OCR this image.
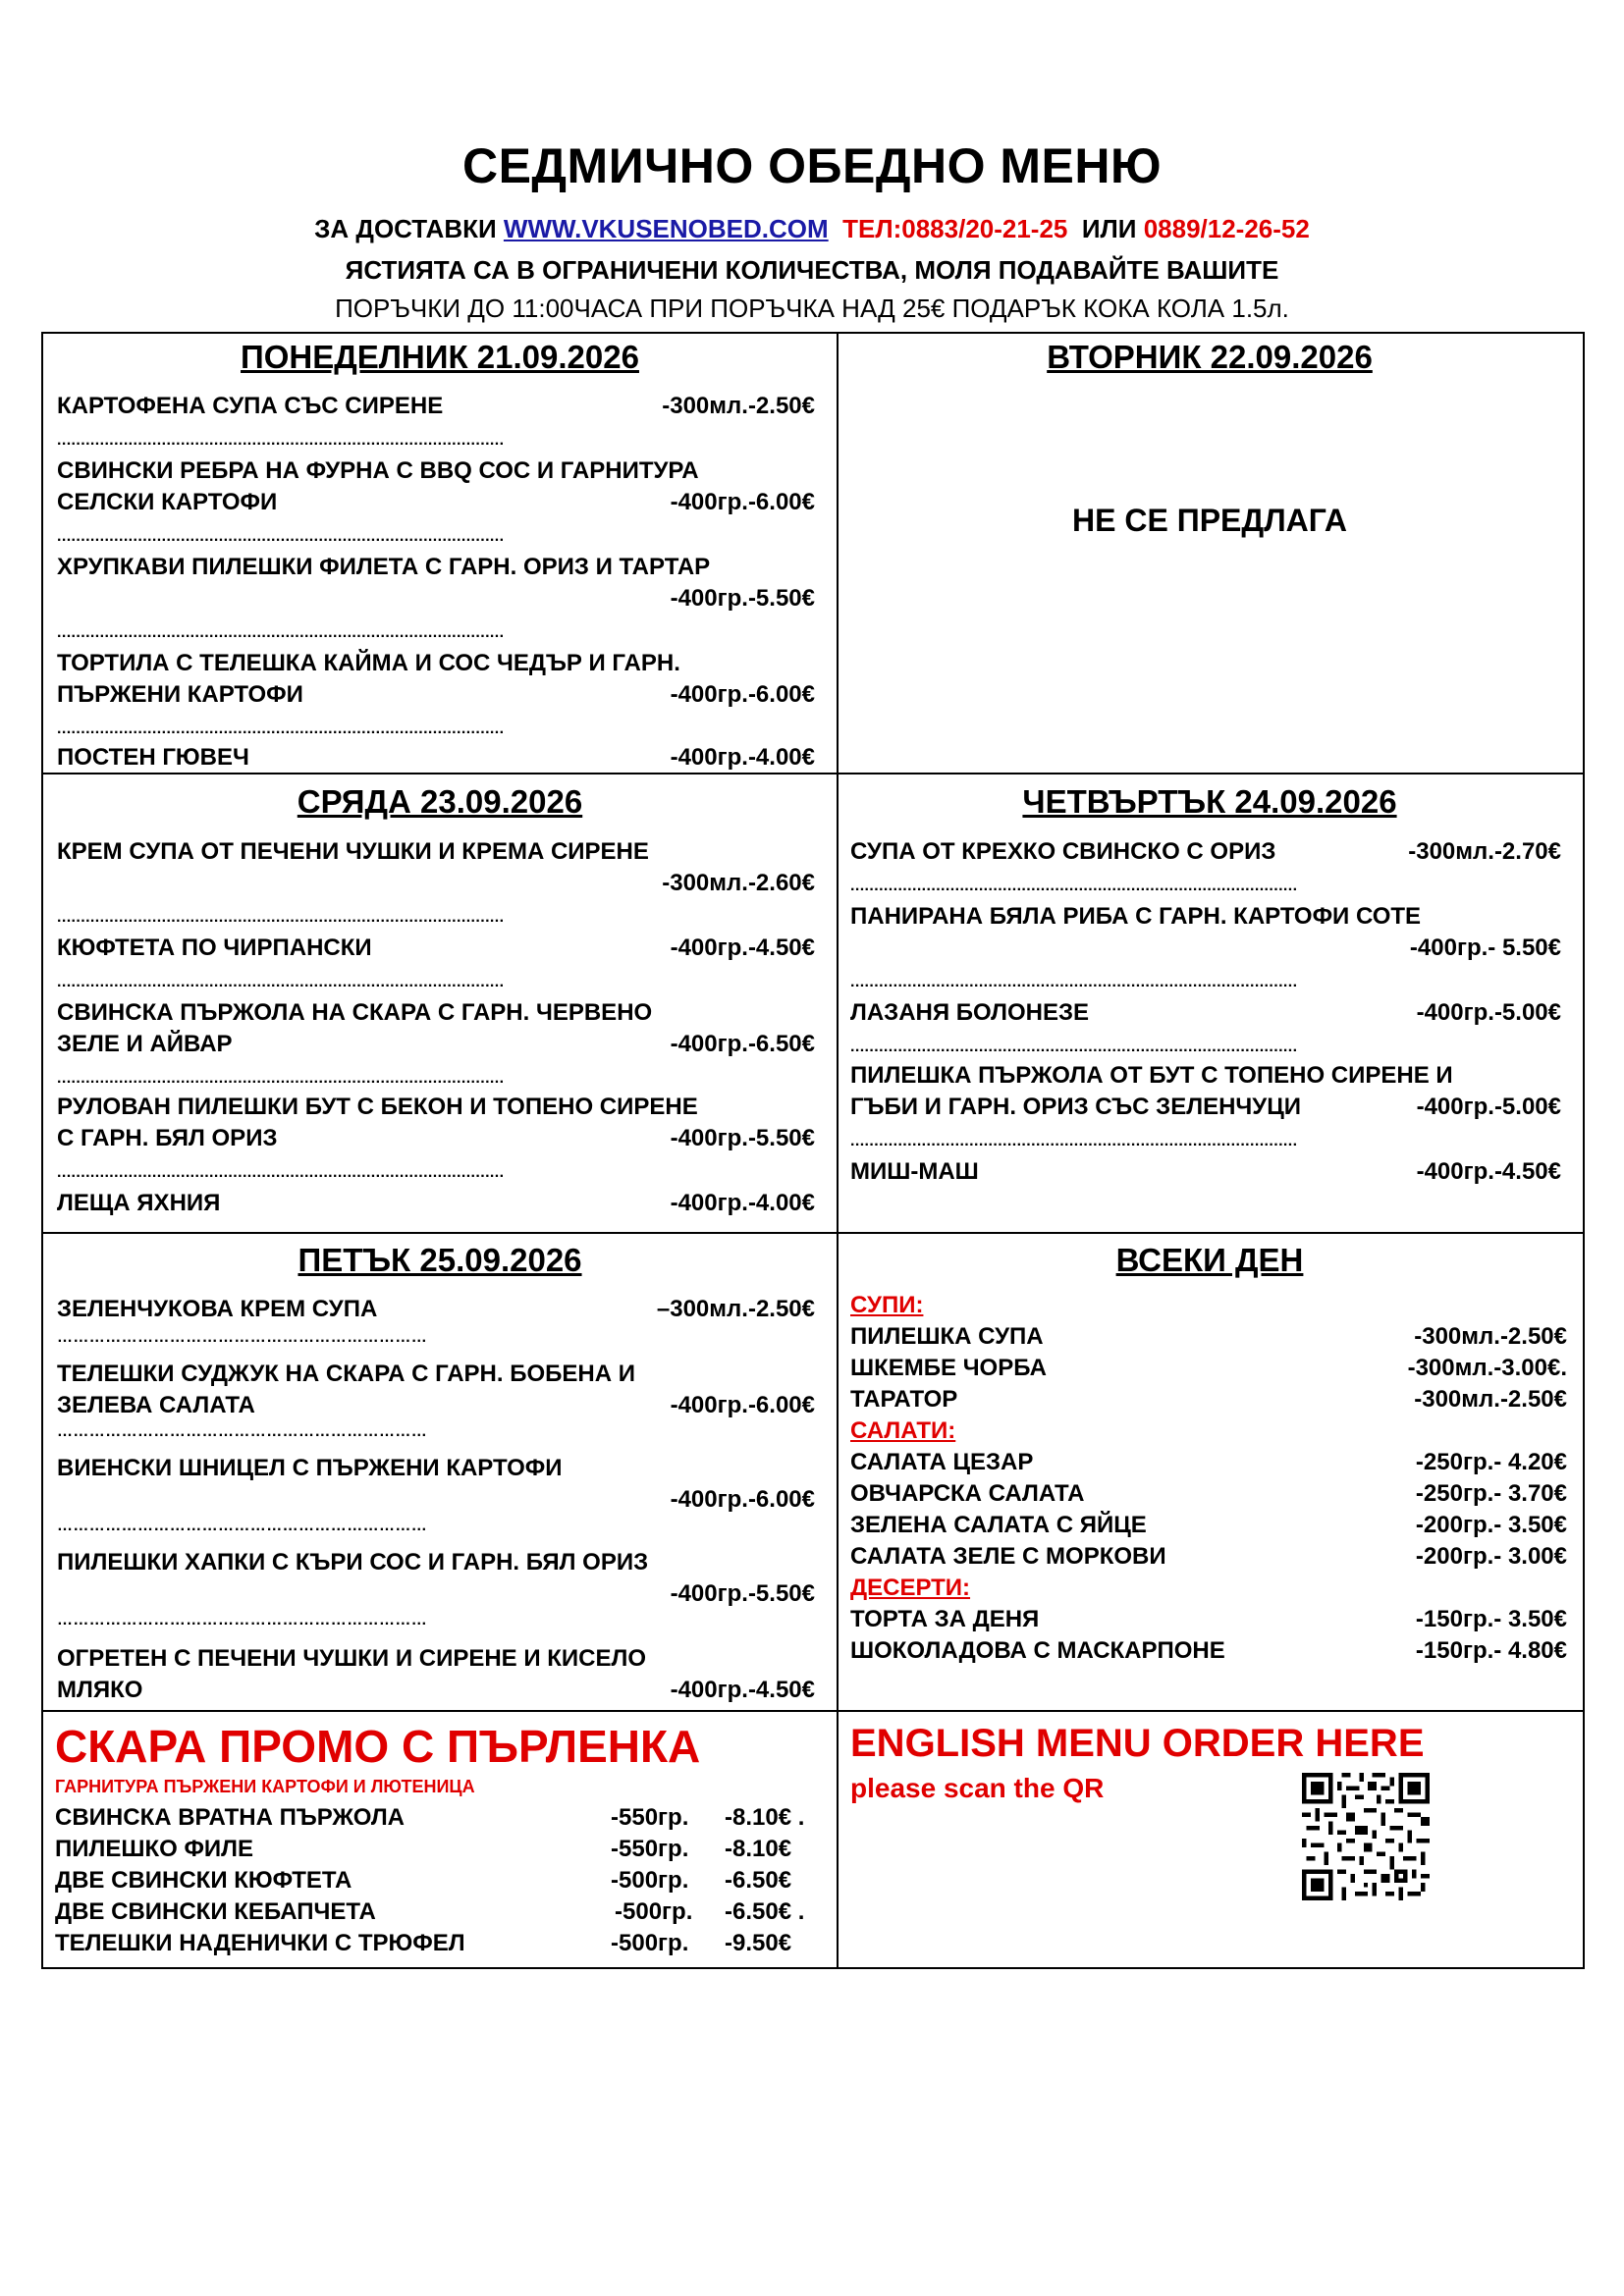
СЕДМИЧНО ОБЕДНО МЕНЮ
ЗА ДОСТАВКИ WWW.VKUSENOBED.COM ТЕЛ:0883/20-21-25 ИЛИ 0889/12-26-52
ЯСТИЯТА СА В ОГРАНИЧЕНИ КОЛИЧЕСТВА, МОЛЯ ПОДАВАЙТЕ ВАШИТЕ
ПОРЪЧКИ ДО 11:00ЧАСА ПРИ ПОРЪЧКА НАД 25€ ПОДАРЪК КОКА КОЛА 1.5л.
ПОНЕДЕЛНИК 21.09.2026
КАРТОФЕНА СУПА СЪС СИРЕНЕ	-300мл.-2.50€
..............................................................................................
СВИНСКИ РЕБРА НА ФУРНА С BBQ СОС И ГАРНИТУРА
СЕЛСКИ КАРТОФИ	-400гр.-6.00€
..............................................................................................
ХРУПКАВИ ПИЛЕШКИ ФИЛЕТА С ГАРН. ОРИЗ И ТАРТАР
-400гр.-5.50€
..............................................................................................
ТОРТИЛА С ТЕЛЕШКА КАЙМА И СОС ЧЕДЪР И ГАРН.
ПЪРЖЕНИ КАРТОФИ	-400гр.-6.00€
..............................................................................................
ПОСТЕН ГЮВЕЧ	-400гр.-4.00€
ВТОРНИК 22.09.2026
НЕ СЕ ПРЕДЛАГА
СРЯДА 23.09.2026
КРЕМ СУПА ОТ ПЕЧЕНИ ЧУШКИ И КРЕМА СИРЕНЕ
-300мл.-2.60€
..............................................................................................
КЮФТЕТА ПО ЧИРПАНСКИ	-400гр.-4.50€
..............................................................................................
СВИНСКА ПЪРЖОЛА НА СКАРА С ГАРН. ЧЕРВЕНО
ЗЕЛЕ И АЙВАР	-400гр.-6.50€
..............................................................................................
РУЛОВАН ПИЛЕШКИ БУТ С БЕКОН И ТОПЕНО СИРЕНЕ
С ГАРН. БЯЛ ОРИЗ	-400гр.-5.50€
..............................................................................................
ЛЕЩА ЯХНИЯ	-400гр.-4.00€
ЧЕТВЪРТЪК 24.09.2026
СУПА ОТ КРЕХКО СВИНСКО С ОРИЗ	-300мл.-2.70€
..............................................................................................
ПАНИРАНА БЯЛА РИБА С ГАРН. КАРТОФИ СОТЕ
-400гр.- 5.50€
..............................................................................................
ЛАЗАНЯ БОЛОНЕЗЕ	-400гр.-5.00€
..............................................................................................
ПИЛЕШКА ПЪРЖОЛА ОТ БУТ С ТОПЕНО СИРЕНЕ И
ГЪБИ И ГАРН. ОРИЗ СЪС ЗЕЛЕНЧУЦИ	-400гр.-5.00€
..............................................................................................
МИШ-МАШ	-400гр.-4.50€
ПЕТЪК 25.09.2026
ЗЕЛЕНЧУКОВА КРЕМ СУПА	–300мл.-2.50€
……………………………………………………………
ТЕЛЕШКИ СУДЖУК НА СКАРА С ГАРН. БОБЕНА И
ЗЕЛЕВА САЛАТА	-400гр.-6.00€
……………………………………………………………
ВИЕНСКИ ШНИЦЕЛ С ПЪРЖЕНИ КАРТОФИ
-400гр.-6.00€
……………………………………………………………
ПИЛЕШКИ ХАПКИ С КЪРИ СОС И ГАРН. БЯЛ ОРИЗ
-400гр.-5.50€
……………………………………………………………
ОГРЕТЕН С ПЕЧЕНИ ЧУШКИ И СИРЕНЕ И КИСЕЛО
МЛЯКО	-400гр.-4.50€
ВСЕКИ ДЕН
СУПИ:
ПИЛЕШКА СУПА	-300мл.-2.50€
ШКЕМБЕ ЧОРБА	-300мл.-3.00€.
ТАРАТОР	-300мл.-2.50€
САЛАТИ:
САЛАТА ЦЕЗАР	-250гр.- 4.20€
ОВЧАРСКА САЛАТА	-250гр.- 3.70€
ЗЕЛЕНА САЛАТА С ЯЙЦЕ	-200гр.- 3.50€
САЛАТА ЗЕЛЕ С МОРКОВИ	-200гр.- 3.00€
ДЕСЕРТИ:
ТОРТА ЗА ДЕНЯ	-150гр.- 3.50€
ШОКОЛАДОВА С МАСКАРПОНЕ	-150гр.- 4.80€
СКАРА ПРОМО С ПЪРЛЕНКА
ГАРНИТУРА ПЪРЖЕНИ КАРТОФИ И ЛЮТЕНИЦА
СВИНСКА ВРАТНА ПЪРЖОЛА	-550гр. -8.10€ .
ПИЛЕШКО ФИЛЕ	-550гр. -8.10€
ДВЕ СВИНСКИ КЮФТЕТА	-500гр. -6.50€
ДВЕ СВИНСКИ КЕБАПЧЕТА	-500гр. -6.50€ .
ТЕЛЕШКИ НАДЕНИЧКИ С ТРЮФЕЛ	-500гр. -9.50€
ENGLISH MENU ORDER HERE
please scan the QR
